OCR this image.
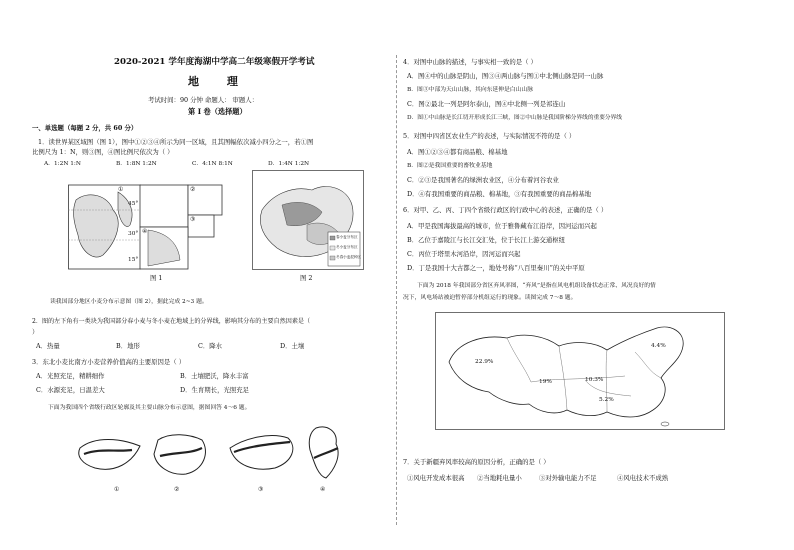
2020-2021 学年度海湖中学高二年级寒假开学考试
地 理
考试时间：90 分钟 命题人： 审题人：
第 I 卷（选择题）
一、单选题（每题 2 分，共 60 分）
1．读世界某区域图（图 1），图中①②③④所示为同一区域，且其图幅依次减小四分之一，若①图
比例尺为 1：N，则③图，④图比例尺依次为（ ）
A．1:2N 1:N	B．1:8N 1:2N	C．4:1N 8:1N	D．1:4N 1:2N
①	②
③
④
45°
30°
15°
图 1
春小麦分布区
冬小麦分布区
冬春小麦混种区
图 2
读我国部分地区小麦分布示意图（图 2），据此完成 2~3 题。
2．图的左下角有一类块为我国部分春小麦与冬小麦在地域上的分界线，影响其分布的主要自然因素是（
）
A．热量	B．地形	C．降水	D．土壤
3．东北小麦比南方小麦营养价值高的主要原因是（ ）
A．光照充足，精耕细作	B．土壤肥沃，降水丰富
C．水源充足，日温差大	D．生育期长，光照充足
下面为我国四个省级行政区轮廓及其主要山脉分布示意图，据图回答 4～6 题。
①	②	③	④
4．对图中山脉的描述，与事实相一致的是（ ）
A．图④中的山脉是阴山，图③④两山脉与图①中北侧山脉是同一山脉
B．图③中部为天山山脉，其向东延伸是白山山脉
C．图②最北一列是阿尔泰山，图④中北侧一列是祁连山
D．图①中山脉是长江切开形成长江三峡，图②中山脉是我国阶梯分界线的重要分界线
5．对图中四省区农业生产的表述，与实际情况不符的是（ ）
A．图①②③④都有商品粮、棉基地
B．图②是我国重要的畜牧业基地
C．②③是我国著名的绿洲农业区，④分布着河谷农业
D．④有我国重要的商品粮、棉基地，③有我国重要的商品棉基地
6．对甲、乙、丙、丁四个省级行政区的行政中心的表述，正确的是（ ）
A．甲是我国海拔最高的城市，位于雅鲁藏布江沿岸，因河运而兴起
B．乙位于嘉陵江与长江交汇处，位于长江上游交通枢纽
C．丙位于塔里木河沿岸，因河运而兴起
D．丁是我国十大古都之一，地处号称“八百里秦川”的关中平原
下面为 2018 年我国部分省区弃风率图，“弃风”是指在风电机组设备状态正常、风况良好的情
况下，风电场站被迫暂停部分机组运行的现象。读图完成 7～8 题。
22.9%
19%	10.3%
5.2%
4.4%
7．关于新疆弃风率较高的原因分析，正确的是（ ）
①风电开发成本很高 ②当地耗电量小	③对外输电能力不足	④风电技术不成熟
